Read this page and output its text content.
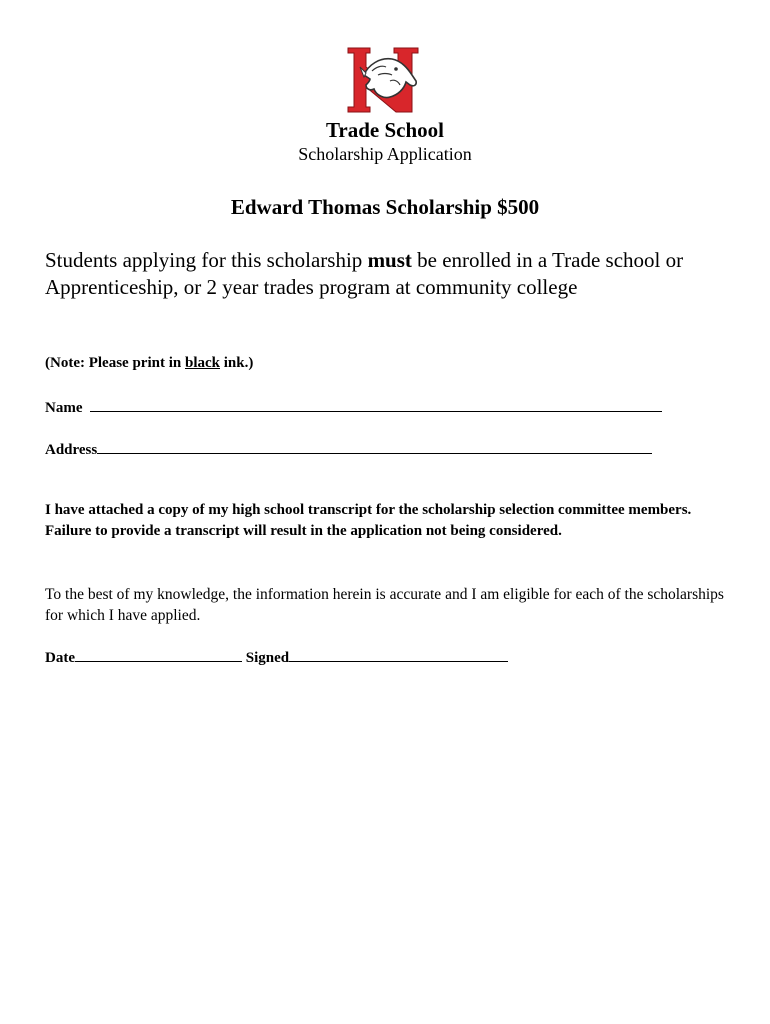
Trade School
Scholarship Application
Edward Thomas Scholarship $500
Students applying for this scholarship must be enrolled in a Trade school or Apprenticeship, or 2 year trades program at community college
(Note: Please print in black ink.)
Name
Address
I have attached a copy of my high school transcript for the scholarship selection committee members. Failure to provide a transcript will result in the application not being considered.
To the best of my knowledge, the information herein is accurate and I am eligible for each of the scholarships for which I have applied.
Date	Signed
